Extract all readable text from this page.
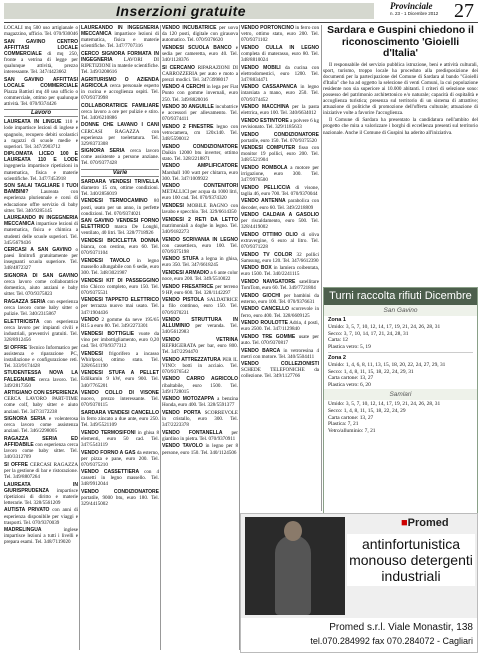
Inserzioni gratuite	Provinciale
n. 23 - 1 Dicembre 2012 27
LOCALI mq 500 uso artigianale o magazzino, ufficio. Tel. 070/930046
SAN GAVINO CENTRO AFFITTASI LOCALE COMMERCIALE di mq 250, fronte a vetrina di legge per qualunque attività, prezzo interessante. Tel. 347/4423662
SAN GAVINO AFFITTASI LOCALE COMMERCIALE Piazza Battisti mq 40 uso ufficio o commerciale, ottimo per qualunque attività. Tel. 070/9374426
Lavoro
LAUREATA IN LINGUE 110 e lode impartisce lezioni di inglese e spagnolo, recupero debiti scolastici a ragazzi di scuole medie e superiori. Tel. 347/2903712
DIPLOMATA LICEO 100 E LAUREATA 110 E LODE ingegneria impartisce ripetizioni in matematica, fisica e materie scientifiche. Tel. 347/7453918
SON SALAI TAGLIARE I TUOI BAMBINI? Laureata con esperienza pluriennale e corsi di educazione offre servizio di baby sitter. Tel. 340/9285145
LAUREANDO IN INGEGNERIA MECCANICA impartisce lezioni di matematica, fisica e chimica a studenti delle scuole superiori. Tel. 345/5679436
CERCASI A SAN GAVINO o paesi limitrofi gratuitamente per insegnanti scuola superiore. Tel. 348/4872327
SIGNORA DI SAN GAVINO cerca lavoro come collaboratrice domestica, aiuto anziani e baby sitter. Tel. 070/9375823
RAGAZZA SERIA con esperienza cerca lavoro come baby sitter o pulizie. Tel. 340/2315867
ELETTRICISTA con esperienza cerca lavoro per impianti civili e industriali, preventivi gratuiti. Tel. 328/8912456
SI OFFRE Tecnico Informatico per assistenza e riparazione PC, installazione e configurazione reti. Tel. 333/9174428
STUDENTESSA NOVA LA FALEGNAME cerca lavoro. Tel. 349/2817350
ARTIGIANO CON ESPERIENZA CERCA LAVORO PART-TIME come colf, baby sitter e aiuto anziani. Tel. 347/3172238
SIGNORA SERIA e volenterosa cerca lavoro come assistenza anziani. Tel. 346/2298005
RAGAZZA SERIA ED AFFIDABILE con esperienza cerca lavoro come baby sitter. Tel. 340/3312709
SI OFFRE CERCASI RAGAZZA per la gestione di bar e ristorazione. Tel. 349/8807264
LAUREATA IN GIURISPRUDENZA impartisce ripetizioni di diritto e materie letterarie. Tel. 328/5561209
AUTISTA PRIVATO con anni di esperienza disponibile per viaggi e trasporti. Tel. 070/9370039
MADRELINGUA	inglese impartisce lezioni a tutti i livelli e prepara esami. Tel. 348/7119020
LAUREANDO IN INGEGNERIA MECCANICA impartisce lezioni di matematica, fisica e materie scientifiche. Tel. 347/7707316
CERCO SIGNORA FORMATA IN INGEGNERIA LAVORI DI RIPETIZIONI in materie scientifiche. Tel. 349/3208616
AGRITURISMO O AZIENDA AGRICOLA cerca personale esperto in cucina e accoglienza ospiti. Tel. 070/9373998
COLLABORATRICE FAMILIARE cerca lavoro a ore per pulizie e stiro. Tel. 340/6210886
DONNE CHE LAVANO I CANI CERCASI RAGAZZA con esperienza per toelettatura. Tel. 329/8373308
SIGNORA SERIA cerca lavoro come assistente a persone anziane. Tel. 070/9377428
Varie
SARDARA VENDESI TRIVELLA diametro 15 cm, ottime condizioni. Tel. 340/2856019
VENDESI TERMOCAMINO 80 posti, usato per un anno, in perfette condizioni. Tel. 070/9374021
SAN GAVINO VENDESI FORNO ELETTRICO marca De Longhi, ventilato, 40 litri. Tel. 328/7718926
VENDESI BICICLETTA DONNA bianca, con cestino, euro 60. Tel. 070/9371104
VENDESI TAVOLO in legno massello allungabile con 6 sedie, euro 300. Tel. 348/3021987
VENDESI KIT DI PASSEGGINO trio Chicco completo, euro 150. Tel. 070/9375531
VENDESI TAPPETO ELETTRICO per terrazza nuovo mai usato. Tel. 347/1904436
VENDO 2 gomme da neve 195/65 R15 a euro 80. Tel. 349/2273301
VENDESI BOTTIGLIE vuote da vino per imbottigliamento, euro 0,20 cad. Tel. 070/9377312
VENDESI frigorifero a incasso Whirlpool, ottimo stato. Tel. 328/6541190
VENDESI STUFA A PELLET Edilkamin 9 kW, euro 900. Tel. 340/7765201
VENDO COLLO DI VISONE nuovo, prezzo interessante. Tel. 070/9370115
SARDARA VENDESI CANCELLO in ferro zincato a due ante, euro 250. Tel. 349/5521109
VENDO TERMOSIFONI in ghisa 8 elementi, euro 50 cad. Tel. 347/5543119
VENDO FORNO A GAS da esterno, per pizza e pane, euro 200. Tel. 070/9375210
VENDO CASSETTIERA con 4 cassetti in legno massello. Tel. 348/9912044
VENDO CONDIZIONATORE portatile, 9000 btu, euro 180. Tel. 329/4415002
VENDO INCUBATRICE per uova da 120 posti, digitale con girauova automatico. Tel. 070/9376620
VENDESI SCUOLA BANCO e sedia per cameretta, euro 40. Tel. 340/1128376
SI CERCANO RIPARAZIONI DI CARROZZERIA per auto e moto a prezzi modici. Tel. 347/3998017
VENDO 4 CERCHI in lega per Fiat Punto con gomme invernali, euro 250. Tel. 349/8820016
VENDO 30 ANGUILLE incubatrice e accessori per allevamento. Tel. 070/9374411
VENDO 2 FINESTRE legno con vetrocamera, cm 120x140. Tel. 348/5590012
VENDO CONDIZIONATORE Daikin 12000 btu inverter, ottimo stato. Tel. 328/2218871
VENDO AMPLIFICATORE Marshall 100 watt per chitarra, euro 300. Tel. 347/1009922
VENDO CONTENITORI METALLICI per acqua da 1000 litri, euro 100 cad. Tel. 070/9374320
VENDESI MOBILE BAGNO con lavabo e specchio. Tel. 329/6614350
VENDESI 2 RETI DA LETTO matrimoniali a doghe in legno. Tel. 340/9182273
VENDO SCRIVANIA IN LEGNO con cassettiera, euro 100. Tel. 070/9375198
VENDO STUFA a legna in ghisa, euro 350. Tel. 347/6618245
VENDESI ARMADIO a 6 ante color noce, euro 200. Tel. 349/5510022
VENDO FRESATRICE per terreno 9 HP, euro 600. Tel. 328/1142297
VENDO PISTOLA SALDATRICE a filo continuo, euro 150. Tel. 070/9370231
VENDO STRUTTURA IN ALLUMINIO per veranda. Tel. 340/5612983
VENDO VETRINA REFRIGERATA per bar, euro 800. Tel. 347/2294470
VENDO ATTREZZATURA PER IL VINO: botti in acciaio. Tel. 070/9376542
VENDO CARRO AGRICOLO ribaltabile, euro 1500. Tel. 349/1728015
VENDO MOTOZAPPA a benzina Honda, euro 400. Tel. 328/5591377
VENDO PORTA SCORREVOLE in cristallo, euro 300. Tel. 347/2223378
VENDO FONTANELLA per giardino in pietra. Tel. 070/9370911
VENDO TAVOLO in legno per 8 persone, euro 150. Tel. 340/1124506
VENDO PORTONCINO in ferro con vetro, ottimo stato, euro 200. Tel. 070/9371102
VENDO CULLA IN LEGNO completa di materasso, euro 80. Tel. 348/8810024
VENDO MOBILI da cucina con elettrodomestici, euro 1200. Tel. 347/8834471
VENDO CASSAPANCA in legno intarsiata a mano, euro 250. Tel. 070/9374452
VENDO MACCHINA per la pasta elettrica, euro 100. Tel. 340/6634012
VENDO ESTINTORE a polvere 6 kg revisionato. Tel. 329/1185633
VENDO CONDIZIONATORE portatile, euro 150. Tel. 070/9375520
VENDESI COMPUTER fisso con monitor 19 pollici, euro 200. Tel. 348/5521904
VENDO ROMBOLA a motore per irrigazione, euro 300. Tel. 347/9976500
VENDO PELLICCIA di visone, taglia 46, euro 700. Tel. 070/9370044
VENDO ANTENNA parabolica con decoder, euro 60. Tel. 349/2218809
VENDO CALDAIA A GASOLIO per riscaldamento, euro 500. Tel. 328/4419002
VENDO OTTIMO OLIO di oliva extravergine, 6 euro al litro. Tel. 070/9371228
VENDO TV COLOR 32 pollici Samsung, euro 120. Tel. 347/6612390
VENDO BOX in lamiera coibentata, euro 1500. Tel. 340/2241115
VENDO NAVIGATORE satellitare TomTom, euro 60. Tel. 349/7721804
VENDO GIOCHI per bambini da esterno, euro 100. Tel. 070/9376631
VENDO CANCELLO scorrevole in ferro, euro 400. Tel. 328/6609125
VENDO ROULOTTE Adria, 4 posti, euro 2500. Tel. 347/1129840
VENDO TRE GOMME usate per auto. Tel. 070/9370817
VENDO BARCA in vetroresina 4 metri con motore. Tel. 340/5504411
VENDO COLLEZIONISTI SCHEDE TELEFONICHE da collezione. Tel. 349/1127766
Sardara e Guspini chiedono il riconoscimento 'Gioielli d'Italia'

Il responsabile del servizio pubblica istruzione, beni e attività culturali, sport, turismo, troppo locale ha proceduto alla predisposizione dei documenti per la partecipazione del Comune di Sardara al bando "Gioielli d'Italia" che ha ad oggetto la selezione di venti Comuni, la cui popolazione residente non sia superiore ai 10.000 abitanti. I criteri di selezione sono: possesso del patrimonio architettonico e/o naturale; capacità di ospitalità e accoglienza turistica; presenza sul territorio di un sistema di attrattive; attuazione di politiche di promozione dell'offerta culturale; attuazione di iniziative volte a favorire l'accoglienza.

Il Comune di Sardara ha presentato la candidatura nell'ambito del progetto che mira a valorizzare i borghi di eccellenza presenti sul territorio nazionale. Anche il Comune di Guspini ha aderito all'iniziativa.

Turni raccolta rifiuti Dicembre
San Gavino
Zona 1
Umido: 3, 5, 7, 10, 12, 14, 17, 19, 21, 24, 26, 28, 31
Secco: 3, 7, 10, 14, 17, 21, 24, 28, 31
Carta: 12
Plastica vetro: 5, 19
Zona 2
Umido: 1, 4, 6, 8, 11, 13, 15, 18, 20, 22, 24, 27, 29, 31
Secco: 1, 4, 8, 11, 15, 18, 22, 24, 29, 31
Carta cartone: 13, 27
Plastica vetro: 6, 20
Samlari
Umido: 3, 5, 7, 10, 12, 14, 17, 19, 21, 24, 26, 28, 31
Secco: 1, 4, 8, 11, 15, 18, 22, 24, 29
Carta cartone: 13, 27
Plastica: 7, 21
Vetro/alluminio: 7, 21
■Promed
antinfortunistica monouso detergenti industriali
Promed s.r.l. Viale Monastir, 138
tel.070.284992 fax 070.284072 - Cagliari
